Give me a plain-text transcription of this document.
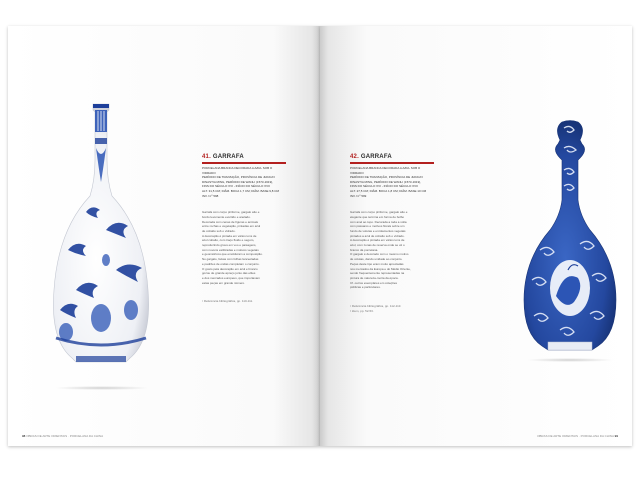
41. GARRAFA
PORCELANA BRANCA DECORADA A AZUL SOB O VIDRADO
PERÍODO DE TRANSIÇÃO, PROVÍNCIA DE JIANGXI
DINASTIA MING, PERÍODO DE WANLI (1573-1619),
FINS DO SÉCULO XVI - INÍCIO DO SÉCULO XVII
ALT. 31,5 CM; DIÂM. BOCA 1,7 CM; DIÂM. BASE 9,8 CM
INV. N.º 598
Garrafa com corpo piriforme, gargalo alto e
bordo levemente evertido e anelado.
Decorada com cenas de figuras e animais
entre rochas e vegetação, pintadas em azul
de cobalto sob o vidrado.
A decoração é pintada em vários tons de
azul cobalto, com traço fluido e seguro,
reproduzindo grous em voo e paisagens,
com nuvens estilizadas e motivos vegetais
e geométricos que emolduram a composição.
No gargalo, faixas com folhas lanceoladas
e padrões de ondas completam o conjunto.
O gosto pela decoração em azul e branco
gozou de grande apreço junto das elites
e dos mercados europeus, que importavam
estas peças em grande número.
¹ Referência bibliográfica, pp. 110-111.
98 OBRAS DE ARTE ORIENTAIS · PORCELANA DA CHINA
42. GARRAFA
PORCELANA BRANCA DECORADA A AZUL SOB O VIDRADO
PERÍODO DE TRANSIÇÃO, PROVÍNCIA DE JIANGXI
DINASTIA MING, PERÍODO DE WANLI (1573-1619),
FINS DO SÉCULO XVI - INÍCIO DO SÉCULO XVII
ALT. 27,5 CM; DIÂM. BOCA 1,8 CM; DIÂM. BASE 10 CM
INV. N.º 599
Garrafa com corpo piriforme, gargalo alto e
elegante que termina em forma de bolbo
com anel ao topo. Decorada a toda a volta
com pássaros e motivos florais sobre um
fundo de volutas e enrolamentos vegetais
pintados a azul de cobalto sob o vidrado.
A decoração é pintada em vários tons de
azul, com zonas de reserva onde se vê o
branco da porcelana.
O gargalo é decorado com o mesmo motivo
de volutas, dando unidade ao conjunto.
Peças deste tipo eram muito apreciadas
nos mercados da Europa e do Médio Oriente,
sendo frequentemente representadas na
pintura de natureza-morta da época.
Cf. outros exemplares em coleções
públicas e particulares.
¹ Referência bibliográfica, pp. 112-113.
² Idem, pp. 52-53.
OBRAS DE ARTE ORIENTAIS · PORCELANA DA CHINA 99
